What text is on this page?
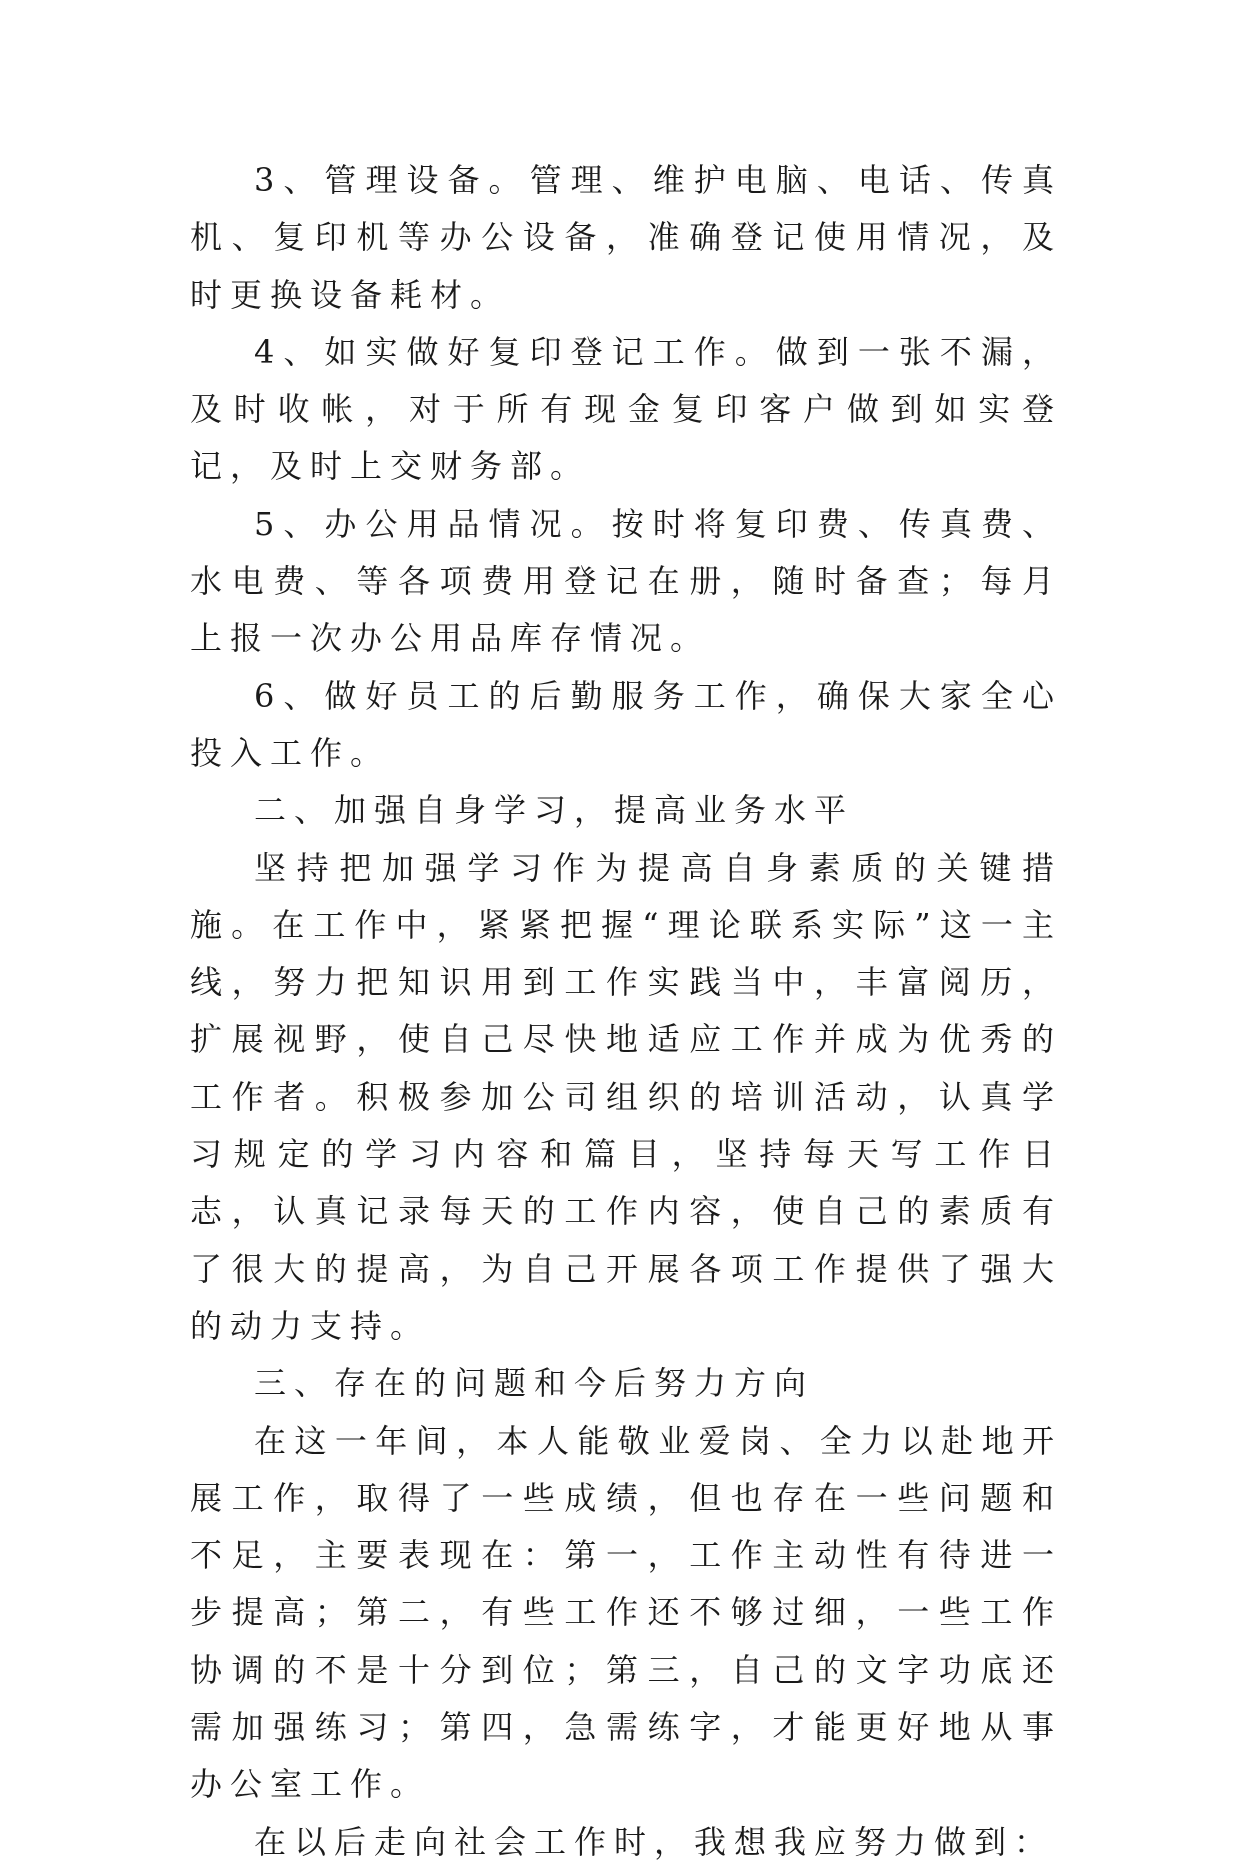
3、管理设备。管理、维护电脑、电话、传真机、复印机等办公设备，准确登记使用情况，及时更换设备耗材。

4、如实做好复印登记工作。做到一张不漏，及时收帐，对于所有现金复印客户做到如实登记，及时上交财务部。

5、办公用品情况。按时将复印费、传真费、水电费、等各项费用登记在册，随时备查；每月上报一次办公用品库存情况。

6、做好员工的后勤服务工作，确保大家全心投入工作。

二、加强自身学习，提高业务水平

坚持把加强学习作为提高自身素质的关键措施。在工作中，紧紧把握“理论联系实际”这一主线，努力把知识用到工作实践当中，丰富阅历，扩展视野，使自己尽快地适应工作并成为优秀的工作者。积极参加公司组织的培训活动，认真学习规定的学习内容和篇目，坚持每天写工作日志，认真记录每天的工作内容，使自己的素质有了很大的提高，为自己开展各项工作提供了强大的动力支持。

三、存在的问题和今后努力方向

在这一年间，本人能敬业爱岗、全力以赴地开展工作，取得了一些成绩，但也存在一些问题和不足，主要表现在：第一，工作主动性有待进一步提高；第二，有些工作还不够过细，一些工作协调的不是十分到位；第三，自己的文字功底还需加强练习；第四，急需练字，才能更好地从事办公室工作。

在以后走向社会工作时，我想我应努力做到：
